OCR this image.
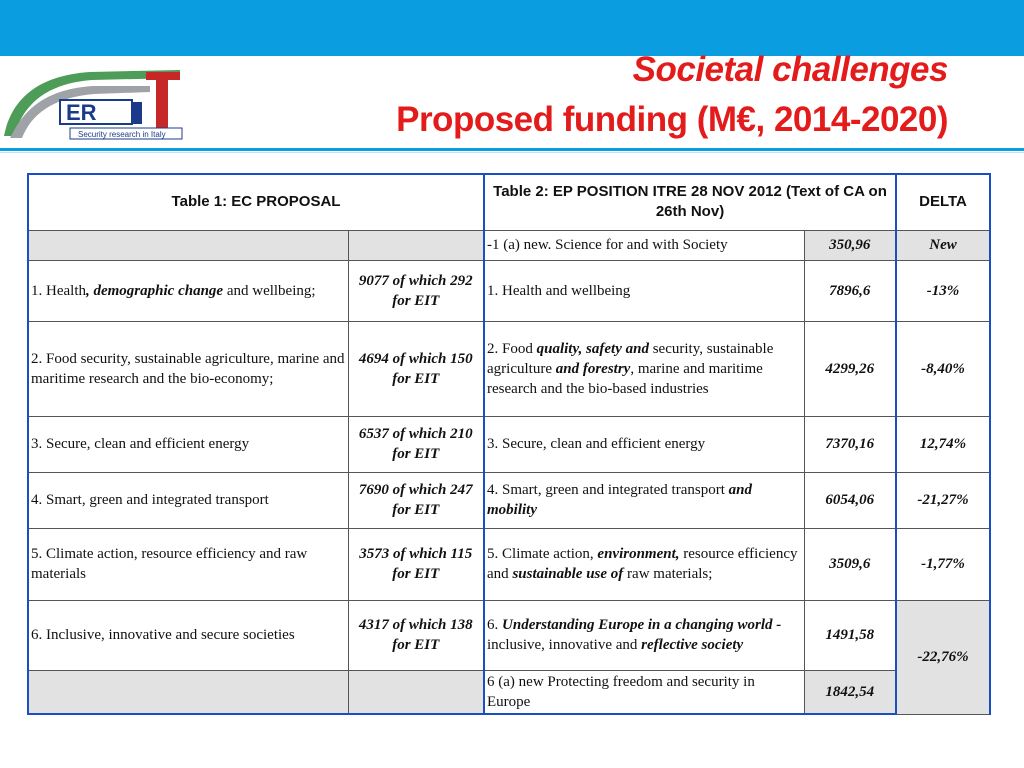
ER
Security research in Italy
Societal challenges
Proposed funding (M€, 2014-2020)
Table 1: EC PROPOSAL		Table 2: EP POSITION ITRE 28 NOV 2012 (Text of CA on 26th Nov)		DELTA
		-1 (a) new. Science for and with Society	350,96	New
1. Health, demographic change and wellbeing;	9077 of which 292 for EIT	1. Health and wellbeing	7896,6	-13%
2. Food security, sustainable agriculture, marine and maritime research and the bio-economy;	4694 of which 150 for EIT	2. Food quality, safety and security, sustainable agriculture and forestry, marine and maritime research and the bio-based industries	4299,26	-8,40%
3. Secure, clean and efficient energy	6537 of which 210 for EIT	3. Secure, clean and efficient energy	7370,16	12,74%
4. Smart, green and integrated transport	7690 of which 247 for EIT	4. Smart, green and integrated transport and mobility	6054,06	-21,27%
5. Climate action, resource efficiency and raw materials	3573 of which 115 for EIT	5. Climate action, environment, resource efficiency and sustainable use of raw materials;	3509,6	-1,77%
6. Inclusive, innovative and secure societies	4317 of which 138 for EIT	6. Understanding Europe in a changing world - inclusive, innovative and reflective society	1491,58	-22,76%
		6 (a) new Protecting freedom and security in Europe	1842,54	
